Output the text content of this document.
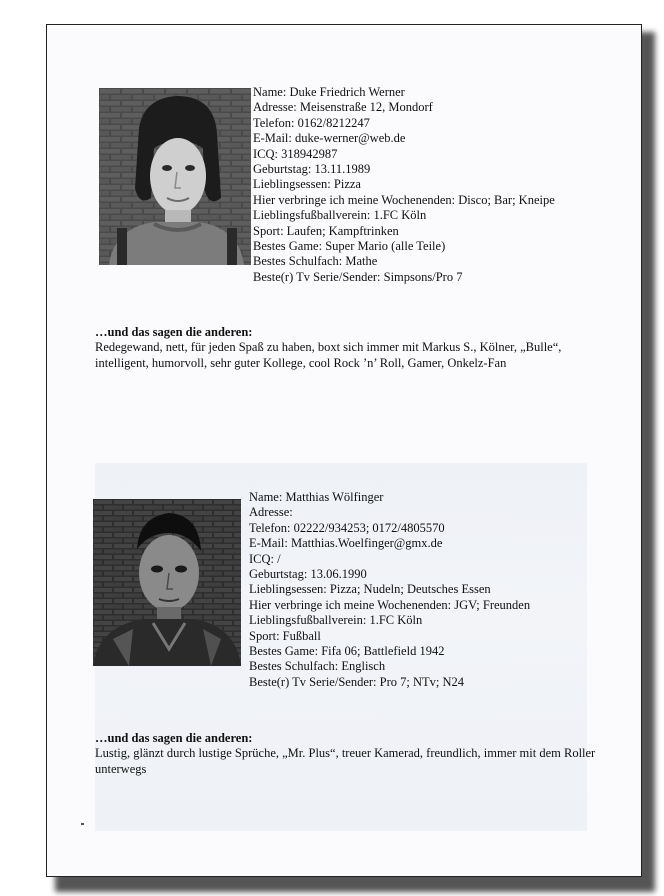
Name: Duke Friedrich Werner
Adresse: Meisenstraße 12, Mondorf
Telefon: 0162/8212247
E-Mail: duke-werner@web.de
ICQ: 318942987
Geburtstag: 13.11.1989
Lieblingsessen: Pizza
Hier verbringe ich meine Wochenenden: Disco; Bar; Kneipe
Lieblingsfußballverein: 1.FC Köln
Sport: Laufen; Kampftrinken
Bestes Game: Super Mario (alle Teile)
Bestes Schulfach: Mathe
Beste(r) Tv Serie/Sender: Simpsons/Pro 7
…und das sagen die anderen:
Redegewand, nett, für jeden Spaß zu haben, boxt sich immer mit Markus S., Kölner, „Bulle“, intelligent, humorvoll, sehr guter Kollege, cool Rock ’n’ Roll, Gamer, Onkelz-Fan
Name: Matthias Wölfinger
Adresse:
Telefon: 02222/934253; 0172/4805570
E-Mail: Matthias.Woelfinger@gmx.de
ICQ: /
Geburtstag: 13.06.1990
Lieblingsessen: Pizza; Nudeln; Deutsches Essen
Hier verbringe ich meine Wochenenden: JGV; Freunden
Lieblingsfußballverein: 1.FC Köln
Sport: Fußball
Bestes Game: Fifa 06; Battlefield 1942
Bestes Schulfach: Englisch
Beste(r) Tv Serie/Sender: Pro 7; NTv; N24
…und das sagen die anderen:
Lustig, glänzt durch lustige Sprüche, „Mr. Plus“, treuer Kamerad, freundlich, immer mit dem Roller unterwegs
